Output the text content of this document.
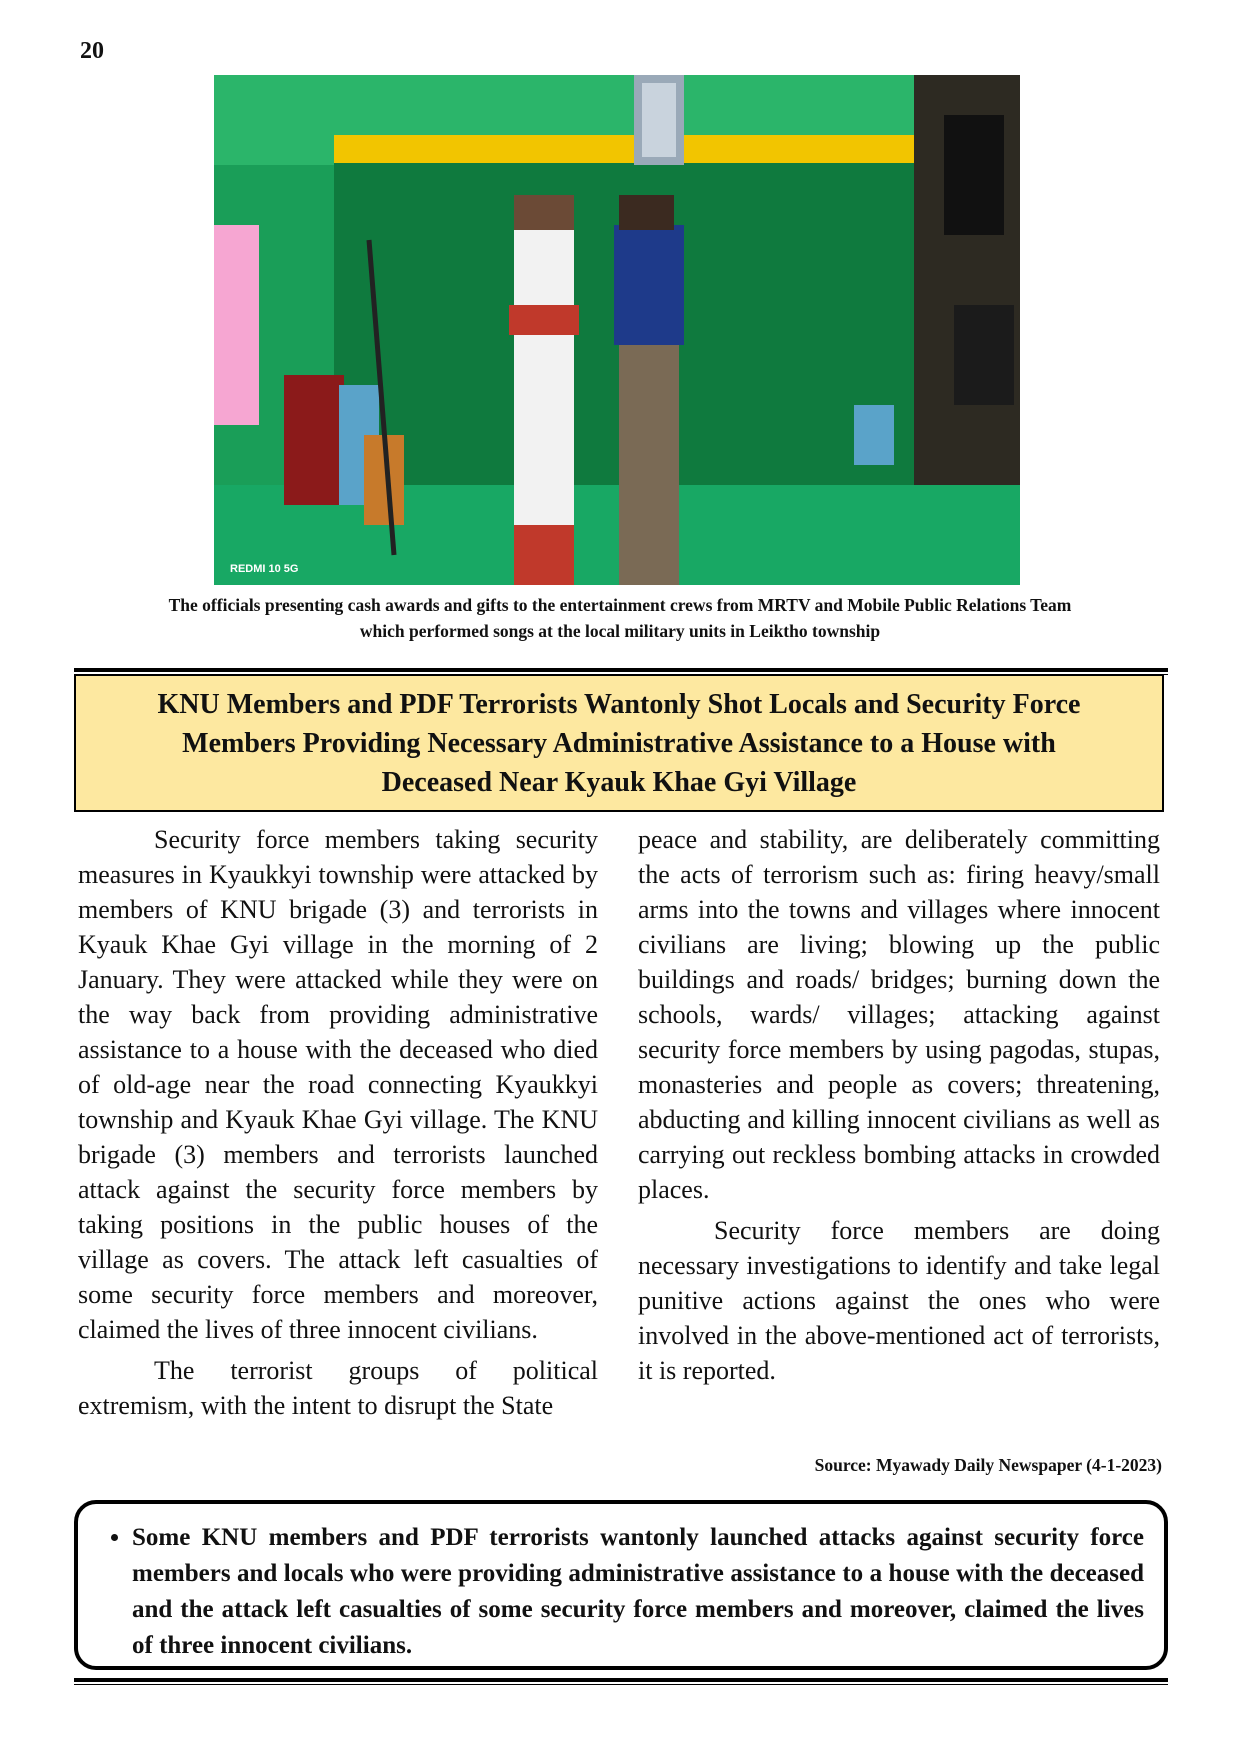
20
REDMI 10 5G
The officials presenting cash awards and gifts to the entertainment crews from MRTV and Mobile Public Relations Team
which performed songs at the local military units in Leiktho township
KNU Members and PDF Terrorists Wantonly Shot Locals and Security Force
Members Providing Necessary Administrative Assistance to a House with
Deceased Near Kyauk Khae Gyi Village

Security force members taking security measures in Kyaukkyi township were attacked by members of KNU brigade (3) and terrorists in Kyauk Khae Gyi village in the morning of 2 January. They were attacked while they were on the way back from providing administrative assistance to a house with the deceased who died of old-age near the road connecting Kyaukkyi township and Kyauk Khae Gyi village. The KNU brigade (3) members and terrorists launched attack against the security force members by taking positions in the public houses of the village as covers. The attack left casualties of some security force members and moreover, claimed the lives of three innocent civilians.

The terrorist groups of political extremism, with the intent to disrupt the State

peace and stability, are deliberately committing the acts of terrorism such as: firing heavy/small arms into the towns and villages where innocent civilians are living; blowing up the public buildings and roads/ bridges; burning down the schools, wards/ villages; attacking against security force members by using pagodas, stupas, monasteries and people as covers; threatening, abducting and killing innocent civilians as well as carrying out reckless bombing attacks in crowded places.

Security force members are doing necessary investigations to identify and take legal punitive actions against the ones who were involved in the above-mentioned act of terrorists, it is reported.

Source: Myawady Daily Newspaper (4-1-2023)
• Some KNU members and PDF terrorists wantonly launched attacks against security force members and locals who were providing administrative assistance to a house with the deceased and the attack left casualties of some security force members and moreover, claimed the lives of three innocent civilians.
